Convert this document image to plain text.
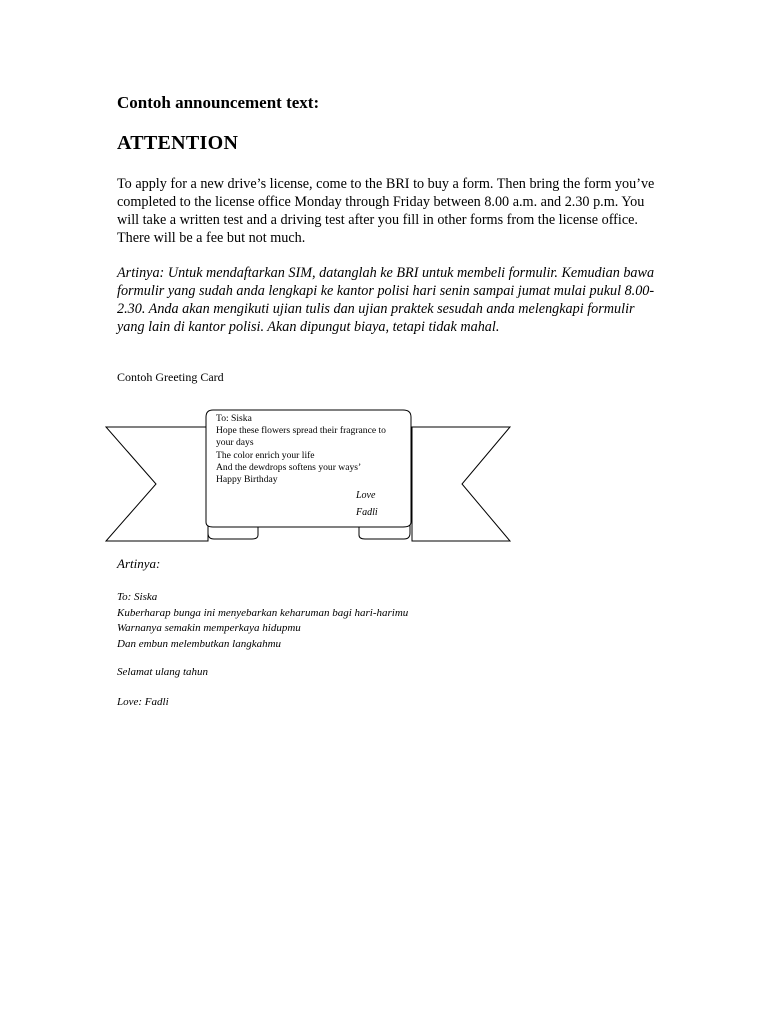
Contoh announcement text:
ATTENTION
To apply for a new drive’s license, come to the BRI to buy a form. Then bring the form you’ve completed to the license office Monday through Friday between 8.00 a.m. and 2.30 p.m. You will take a written test and a driving test after you fill in other forms from the license office. There will be a fee but not much.
Artinya: Untuk mendaftarkan SIM, datanglah ke BRI untuk membeli formulir. Kemudian bawa formulir yang sudah anda lengkapi ke kantor polisi hari senin sampai jumat mulai pukul 8.00-2.30. Anda akan mengikuti ujian tulis dan ujian praktek sesudah anda melengkapi formulir yang lain di kantor polisi. Akan dipungut biaya, tetapi tidak mahal.
Contoh Greeting Card
To: Siska
Hope these flowers spread their fragrance to
your days
The color enrich your life
And the dewdrops softens your ways’
Happy Birthday
Love
Fadli
Artinya:
To: Siska
Kuberharap bunga ini menyebarkan keharuman bagi hari-harimu
Warnanya semakin memperkaya hidupmu
Dan embun melembutkan langkahmu
Selamat ulang tahun
Love: Fadli
